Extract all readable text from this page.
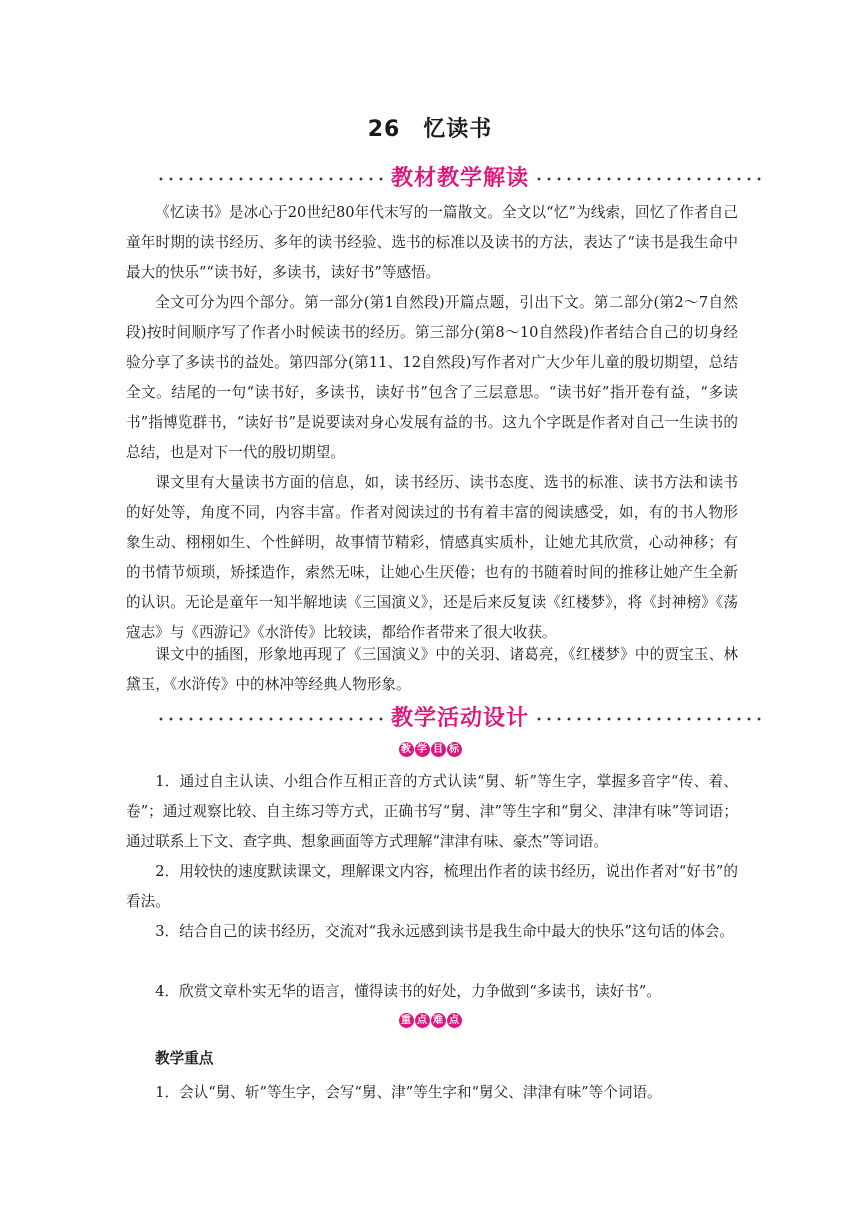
26　忆读书
教材教学解读

《忆读书》是冰心于20世纪80年代末写的一篇散文。全文以“忆”为线索，回忆了作者自己童年时期的读书经历、多年的读书经验、选书的标准以及读书的方法，表达了“读书是我生命中最大的快乐”“读书好，多读书，读好书”等感悟。

全文可分为四个部分。第一部分(第1自然段)开篇点题，引出下文。第二部分(第2～7自然段)按时间顺序写了作者小时候读书的经历。第三部分(第8～10自然段)作者结合自己的切身经验分享了多读书的益处。第四部分(第11、12自然段)写作者对广大少年儿童的殷切期望，总结全文。结尾的一句“读书好，多读书，读好书”包含了三层意思。“读书好”指开卷有益，“多读书”指博览群书，“读好书”是说要读对身心发展有益的书。这九个字既是作者对自己一生读书的总结，也是对下一代的殷切期望。

课文里有大量读书方面的信息，如，读书经历、读书态度、选书的标准、读书方法和读书的好处等，角度不同，内容丰富。作者对阅读过的书有着丰富的阅读感受，如，有的书人物形象生动、栩栩如生、个性鲜明，故事情节精彩，情感真实质朴，让她尤其欣赏，心动神移；有的书情节烦琐，矫揉造作，索然无味，让她心生厌倦；也有的书随着时间的推移让她产生全新的认识。无论是童年一知半解地读《三国演义》，还是后来反复读《红楼梦》，将《封神榜》《荡寇志》与《西游记》《水浒传》比较读，都给作者带来了很大收获。

课文中的插图，形象地再现了《三国演义》中的关羽、诸葛亮，《红楼梦》中的贾宝玉、林黛玉，《水浒传》中的林冲等经典人物形象。

教学活动设计
教 学 目 标

1．通过自主认读、小组合作互相正音的方式认读“舅、斩”等生字，掌握多音字“传、着、卷”；通过观察比较、自主练习等方式，正确书写“舅、津”等生字和“舅父、津津有味”等词语；通过联系上下文、查字典、想象画面等方式理解“津津有味、豪杰”等词语。

2．用较快的速度默读课文，理解课文内容，梳理出作者的读书经历，说出作者对“好书”的看法。

3．结合自己的读书经历，交流对“我永远感到读书是我生命中最大的快乐”这句话的体会。

4．欣赏文章朴实无华的语言，懂得读书的好处，力争做到“多读书，读好书”。

重 点 难 点
教学重点

1．会认“舅、斩”等生字，会写“舅、津”等生字和“舅父、津津有味”等个词语。
